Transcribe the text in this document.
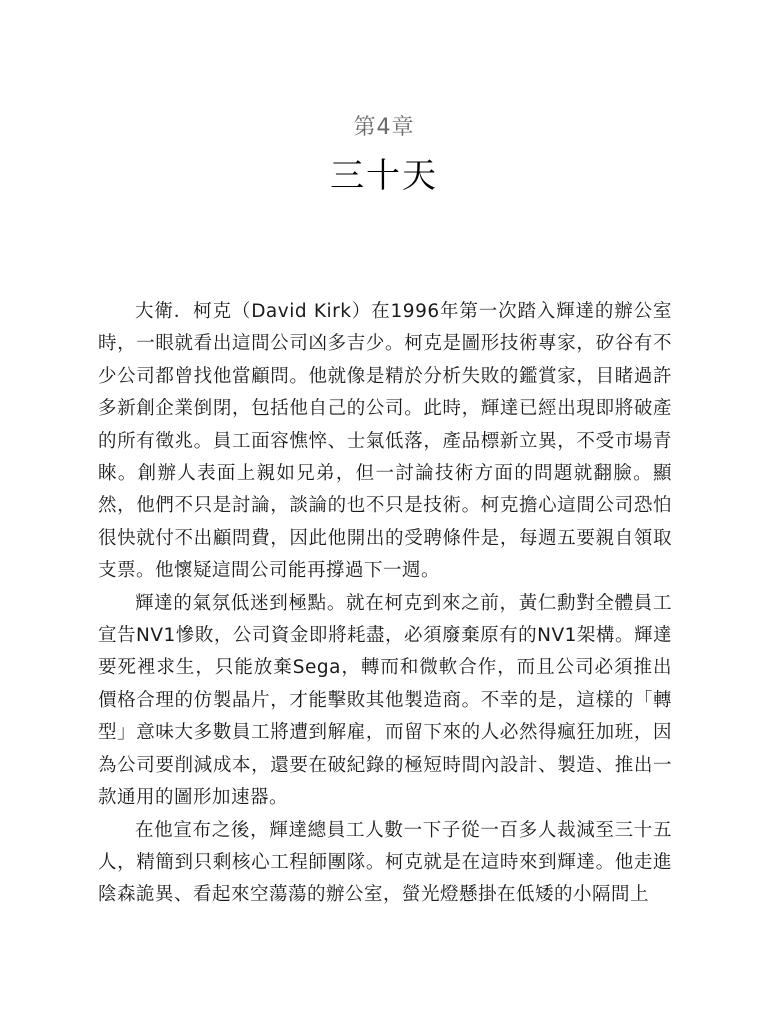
第4章
三十天

大衛．柯克（David Kirk）在1996年第一次踏入輝達的辦公室時，一眼就看出這間公司凶多吉少。柯克是圖形技術專家，矽谷有不少公司都曾找他當顧問。他就像是精於分析失敗的鑑賞家，目睹過許多新創企業倒閉，包括他自己的公司。此時，輝達已經出現即將破產的所有徵兆。員工面容憔悴、士氣低落，產品標新立異，不受市場青睞。創辦人表面上親如兄弟，但一討論技術方面的問題就翻臉。顯然，他們不只是討論，談論的也不只是技術。柯克擔心這間公司恐怕很快就付不出顧問費，因此他開出的受聘條件是，每週五要親自領取支票。他懷疑這間公司能再撐過下一週。

輝達的氣氛低迷到極點。就在柯克到來之前，黃仁勳對全體員工宣告NV1慘敗，公司資金即將耗盡，必須廢棄原有的NV1架構。輝達要死裡求生，只能放棄Sega，轉而和微軟合作，而且公司必須推出價格合理的仿製晶片，才能擊敗其他製造商。不幸的是，這樣的「轉型」意味大多數員工將遭到解雇，而留下來的人必然得瘋狂加班，因為公司要削減成本，還要在破紀錄的極短時間內設計、製造、推出一款通用的圖形加速器。

在他宣布之後，輝達總員工人數一下子從一百多人裁減至三十五人，精簡到只剩核心工程師團隊。柯克就是在這時來到輝達。他走進陰森詭異、看起來空蕩蕩的辦公室，螢光燈懸掛在低矮的小隔間上
